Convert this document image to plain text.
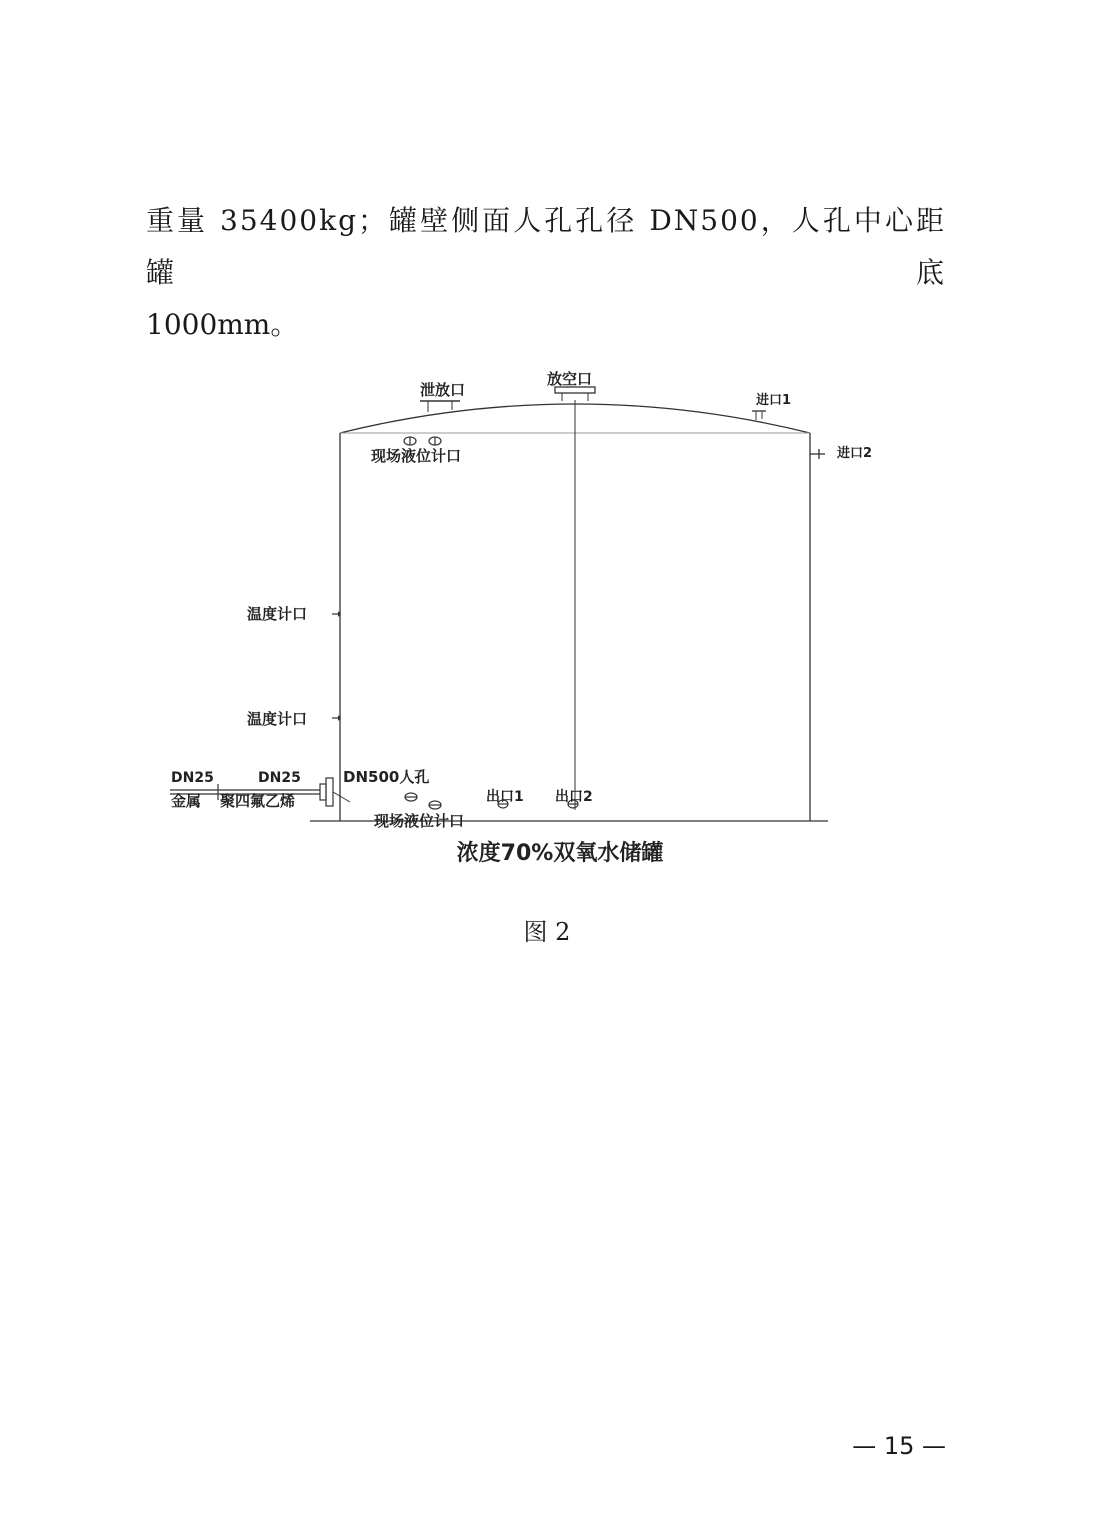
重量 35400kg；罐壁侧面人孔孔径 DN500，人孔中心距罐底
1000mm。
泄放口
放空口
进口1
进口2
现场液位计口
温度计口
温度计口
DN25	DN25
金属 聚四氟乙烯
DN500人孔
出口1 出口2
现场液位计口
浓度70%双氧水储罐
图 2
— 15 —
